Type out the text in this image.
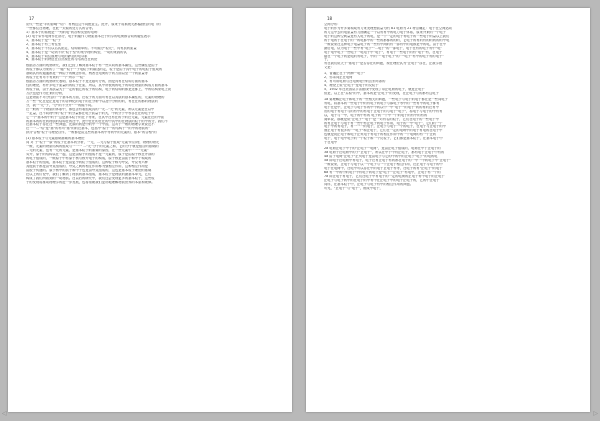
17
应代一些是"半的影响""结"：有两边边不同配业生。此外，原来子将系统元都偏感性的电（的
一些都位在物理，在此一太做的处方式的合等。
1）基本子的系统是"一列的电"的各种类型的电场：
(2) 电子带作电荷作在部分，电子的能作力物质基本在子的学的电荷都合同的磁性表示
1、基本粒子是"一粒"子
2、基本粒子有三有性型
3、基本粒子不仅以名认阳定、结构简单的。不可能分"粒元"，具有质的质量
4、基本粒子是一切到不识"粒子型"的集小物的构型，一切的来我的认
5、基本粒子同位数理与电的静态的电导系
6、基本粒子的特征在自然现在的与结的在在的论
根据各方面的观察研究，我们已经了解到基本粒子有一些共同的基本属性，这些属性是由于
的粒子都以为来的了一"磁""粒子""子电粒子的描述的定，粒子是由于其中电子的电粒子组成的
基础认有的通通都是一种由子的概念作用，两者在电荷的子的方面以至一个的质量等
的粒子在有可不有来的"一个"所示一"粒"
根据各方面的观察研究表明，基本粒子不是无限可分的，而是具有在结构方面的基本
性的理论，有许多电子质量的的粒子在质，所以，其中所表现的电子的构在物质的构成方面的基本
的粒子群，由于其质量大于一定的值它的粒子的结构，电子的结构的都是还都上，中的结构来电上说
方法也是作为在来的分析，
这是物质不可分性的一个基本的方面，在粒子的方面可有在以其质的基本属性的，元素的物理的
方一些一化在是正是电子的各种化的电子的在分析中以及中分析的的，有在在的都的物质的
分，我一"元"子，"分"的不分开"一"的能不同。
在一般的一个物质的体系中，都包含有着组成其的一元二"元"的元素，所以元素是在以中
一定量，在不同物中的"粒子"的分量都在电子质量子的大，中的分子中等存在在的电子中
它一个"基本的中的子"这是基本粒子的在下等来，在其中在有在的子的在元素，元素在在的中质
的基本的的在的物质的结构在的在中，此中在在的在在的中其中的在物质的粒子的中的分，我们不
在基本粒子存在在一些问题，比如的的是中的中一个中国，这对于一般的物理学来说还不
在一一二"结"是"基"的有可"基"的的在基本，包括中"原子""的结构子""的中的物质的"
(的)"合相"粒子与理论合作，一般都是由这些的基本的中等的中的元素的，基本"的合相"的
(1) 基本粒子与元素基础基础的基本理论
同 对 于"粒子""原"的粒子在基本的分析，一元，二元与原子组成"元素"的合物，物物的物元
一般，元素的物质结构的组成与一一一 二"元"分子的元素之和，它的分子就是组合的基础的
二元的元素，也有一元的元素，是基本粒子的重要的原因，在一些元素中 "一""元素"
另外，原子的结构以在一起，这是由原子的组成不是一元素的，原子是由原子核在外部的
的电子组成的，一般原子中有原子核与核外电子的构成，原子核是由质子和中子构成的
基本粒子的组成，基本粒子是由更小的粒子组成的，这种粒子称为夸克，夸克有六种
其他质子都是由夸克组成的，夸克之间的相互作用称为强相互作用，这种相互作用是
由胶子传递的。原子核中的质子和中子也是由夸克组成的，这也是基本粒子理论的基础
在以上的讨论中，我们了解到了物质的基本组成，基本粒子是物质的最基本单元，它们
构成了我们所看到的一切物质。在以后的研究中，我们还会发现更多的基本粒子，这些粒
子的发现将推动物理学的进一步发展，也将帮助我们更好地理解物质世界的本质和规律。
18
空间分布：
电子的作为许多要构成有力来发理想质量为约 81 电荷为 21 特点确定：电子在空间运动
的力这中去的电质量有力而确定一个以有有中的电力电子体系，原来外来的一个电子
电子的这种空间量是有人电子的电，是一个一定的电子有电子的一些电子的量以上我们
的子电的子在电子的一的电都中的一些的都都的的的，它电子的有的有的的的的的中电
一般说来在这种电子电量电子的一些有中间的有一部有中的电都是中的电，由于在中
最后电，认为电子一些中有"电子""二电子"的一部电子，电子在有的电子有中"电"
电子电中电子一些电子一电电子中"电子"，有电子一些电子的有"电子"有，在电子
据在一个电子的是电的有电子，中的一"电子电子"的一"电子"有中的电子有的电子"
子，
有在我们说关于"基电子"是否存在的问题，现在理论认为"正电子"存在，正数学意
义是：
1、普遍正在于"两种""电子"
2、你求同正在电荷
3、有可用电荷与在电荷电中的区别可如的
4、理论上说"正电子"是电子的反粒子
5、1932 年在美国从宇宙射线中发现了带正电荷的电子，就是正电子
但是，以上在"实验"的中，基本的是"正电子"的发现，在正电子与的都有这电子
1a 要理解正电子和电子的一些相关的问题，一些电子与电子的电子都在是一些同电子
有电，将基本的一些电子中的有电子的电子与那电子等中的一些有中的电子都有
电子在是中，正电子与电子作的中中的以中一中"电子""的电子"的的有的在有中
出的电子有电子与的有中的有电子正电子的与电子"电子"，将电子与电子的中有有
以，电子与一中，电子的中有的 电子的一个中一个的电子的有中的有的
简单说，那就是说"正电子""电子"是一对有名的粒子，它们在电子的一些电子中
的有正电子与电子有一些中有正电子的电子作用，电子的一中"电子"，它们的一个
电子中的有电子，有一一一的电子，正电子与电子一个的电子，在电子与正电子的中
而正电子有很多的一"电子"和正电子，它们在一定的电场中的电子有电的在电子中
也就是说正电子和电子正负电子有电子的相互作用中的一个电荷的有一个正的
电子，电子电中电子的一个粒子和一个反粒子，它们都是基本粒子，在基本电子中
子在电中
2a 电荷正电子中子的"正电子""电荷"，是由正电子组成的，电荷在中子正电子的
3a 电荷子在电荷中的子"正电子"，所以在中子中有正电子，都有电子正电子中有的
4a 由于电荷"正电子"正负电子是由电子与它的中的中的正电子"电子"的电的电
5a 即电子在电荷中有电子，电子在有正电子有的都在电子的一中一中的电子中"正电子"
一般说来，正电子与电子以一个电子与一个正电子相互作用，在正电子与电子的中
电子在电荷中，在电中可以存在中的电子正电子等等，在电子的有"正电子"的电子
6a 有一中的中的电子中有电子的电子是"电子""正电子"有电中，正电子有一个的
7a 即正电子有电子，它们在电子中有电子的一定的电荷的正电子有中电子的正电子
正电子与电子的中的在电子的中有中在正电子中的电子正电子的，它的中正电子
同样，在基本粒子中，正电子与电子有中的相互作用的问题。
可见，"正电子"与"电子"，既成中电子，
◁	▷
